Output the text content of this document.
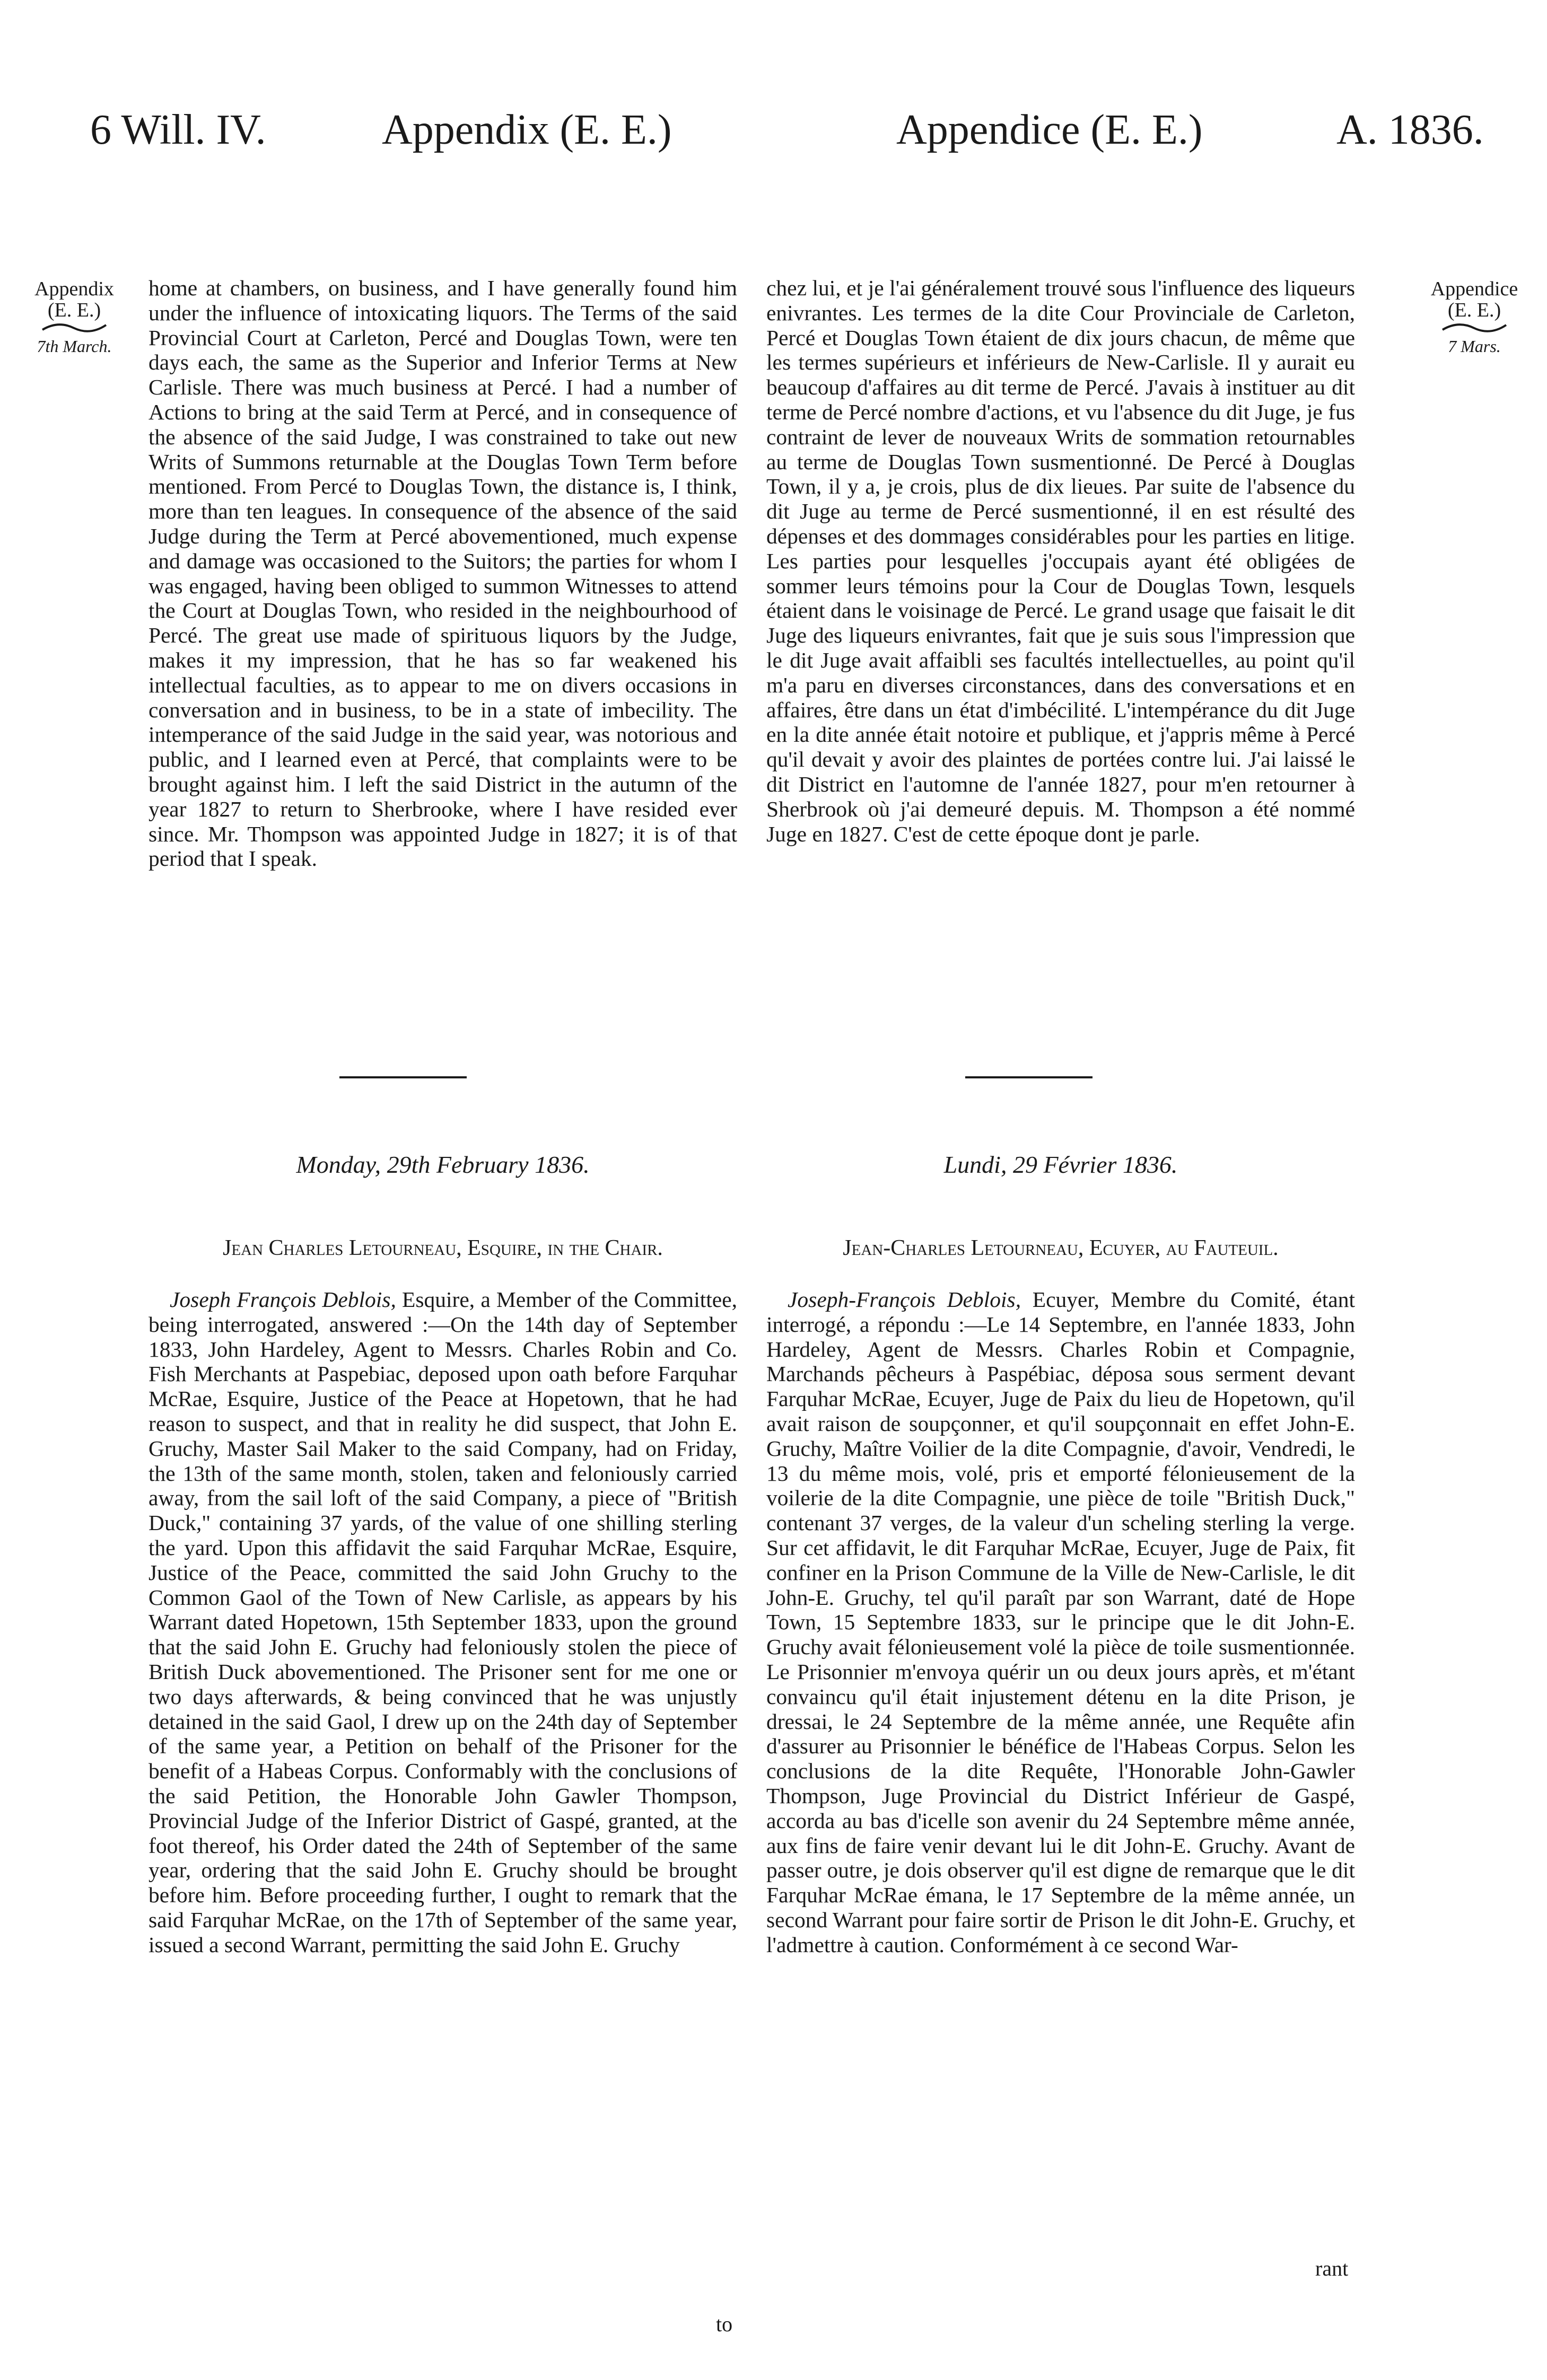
6 Will. IV.	Appendix (E. E.)	Appendice (E. E.)	A. 1836.
Appendix
(E. E.)
7th March.
Appendice
(E. E.)
7 Mars.

home at chambers, on business, and I have generally found him under the influence of intoxicating liquors. The Terms of the said Provincial Court at Carleton, Percé and Douglas Town, were ten days each, the same as the Superior and Inferior Terms at New Carlisle. There was much business at Percé. I had a number of Actions to bring at the said Term at Percé, and in consequence of the absence of the said Judge, I was constrained to take out new Writs of Summons returnable at the Douglas Town Term before mentioned. From Percé to Douglas Town, the distance is, I think, more than ten leagues. In consequence of the absence of the said Judge during the Term at Percé abovementioned, much expense and damage was occasioned to the Suitors; the parties for whom I was engaged, having been obliged to summon Witnesses to attend the Court at Douglas Town, who resided in the neighbourhood of Percé. The great use made of spirituous liquors by the Judge, makes it my impression, that he has so far weakened his intellectual faculties, as to appear to me on divers occasions in conversation and in business, to be in a state of imbecility. The intemperance of the said Judge in the said year, was notorious and public, and I learned even at Percé, that complaints were to be brought against him. I left the said District in the autumn of the year 1827 to return to Sherbrooke, where I have resided ever since. Mr. Thompson was appointed Judge in 1827; it is of that period that I speak.

chez lui, et je l'ai généralement trouvé sous l'influence des liqueurs enivrantes. Les termes de la dite Cour Provinciale de Carleton, Percé et Douglas Town étaient de dix jours chacun, de même que les termes supérieurs et inférieurs de New-Carlisle. Il y aurait eu beaucoup d'affaires au dit terme de Percé. J'avais à instituer au dit terme de Percé nombre d'actions, et vu l'absence du dit Juge, je fus contraint de lever de nouveaux Writs de sommation retournables au terme de Douglas Town susmentionné. De Percé à Douglas Town, il y a, je crois, plus de dix lieues. Par suite de l'absence du dit Juge au terme de Percé susmentionné, il en est résulté des dépenses et des dommages considérables pour les parties en litige. Les parties pour lesquelles j'occupais ayant été obligées de sommer leurs témoins pour la Cour de Douglas Town, lesquels étaient dans le voisinage de Percé. Le grand usage que faisait le dit Juge des liqueurs enivrantes, fait que je suis sous l'impression que le dit Juge avait affaibli ses facultés intellectuelles, au point qu'il m'a paru en diverses circonstances, dans des conversations et en affaires, être dans un état d'imbécilité. L'intempérance du dit Juge en la dite année était notoire et publique, et j'appris même à Percé qu'il devait y avoir des plaintes de portées contre lui. J'ai laissé le dit District en l'automne de l'année 1827, pour m'en retourner à Sherbrook où j'ai demeuré depuis. M. Thompson a été nommé Juge en 1827. C'est de cette époque dont je parle.

Monday, 29th February 1836.	Lundi, 29 Février 1836.
Jean Charles Letourneau, Esquire, in the Chair.	Jean-Charles Letourneau, Ecuyer, au Fauteuil.

Joseph François Deblois, Esquire, a Member of the Committee, being interrogated, answered :—On the 14th day of September 1833, John Hardeley, Agent to Messrs. Charles Robin and Co. Fish Merchants at Paspebiac, deposed upon oath before Farquhar McRae, Esquire, Justice of the Peace at Hopetown, that he had reason to suspect, and that in reality he did suspect, that John E. Gruchy, Master Sail Maker to the said Company, had on Friday, the 13th of the same month, stolen, taken and feloniously carried away, from the sail loft of the said Company, a piece of "British Duck," containing 37 yards, of the value of one shilling sterling the yard. Upon this affidavit the said Farquhar McRae, Esquire, Justice of the Peace, committed the said John Gruchy to the Common Gaol of the Town of New Carlisle, as appears by his Warrant dated Hopetown, 15th September 1833, upon the ground that the said John E. Gruchy had feloniously stolen the piece of British Duck abovementioned. The Prisoner sent for me one or two days afterwards, & being convinced that he was unjustly detained in the said Gaol, I drew up on the 24th day of September of the same year, a Petition on behalf of the Prisoner for the benefit of a Habeas Corpus. Conformably with the conclusions of the said Petition, the Honorable John Gawler Thompson, Provincial Judge of the Inferior District of Gaspé, granted, at the foot thereof, his Order dated the 24th of September of the same year, ordering that the said John E. Gruchy should be brought before him. Before proceeding further, I ought to remark that the said Farquhar McRae, on the 17th of September of the same year, issued a second Warrant, permitting the said John E. Gruchy

to

Joseph-François Deblois, Ecuyer, Membre du Comité, étant interrogé, a répondu :—Le 14 Septembre, en l'année 1833, John Hardeley, Agent de Messrs. Charles Robin et Compagnie, Marchands pêcheurs à Paspébiac, déposa sous serment devant Farquhar McRae, Ecuyer, Juge de Paix du lieu de Hopetown, qu'il avait raison de soupçonner, et qu'il soupçonnait en effet John-E. Gruchy, Maître Voilier de la dite Compagnie, d'avoir, Vendredi, le 13 du même mois, volé, pris et emporté félonieusement de la voilerie de la dite Compagnie, une pièce de toile "British Duck," contenant 37 verges, de la valeur d'un scheling sterling la verge. Sur cet affidavit, le dit Farquhar McRae, Ecuyer, Juge de Paix, fit confiner en la Prison Commune de la Ville de New-Carlisle, le dit John-E. Gruchy, tel qu'il paraît par son Warrant, daté de Hope Town, 15 Septembre 1833, sur le principe que le dit John-E. Gruchy avait félonieusement volé la pièce de toile susmentionnée. Le Prisonnier m'envoya quérir un ou deux jours après, et m'étant convaincu qu'il était injustement détenu en la dite Prison, je dressai, le 24 Septembre de la même année, une Requête afin d'assurer au Prisonnier le bénéfice de l'Habeas Corpus. Selon les conclusions de la dite Requête, l'Honorable John-Gawler Thompson, Juge Provincial du District Inférieur de Gaspé, accorda au bas d'icelle son avenir du 24 Septembre même année, aux fins de faire venir devant lui le dit John-E. Gruchy. Avant de passer outre, je dois observer qu'il est digne de remarque que le dit Farquhar McRae émana, le 17 Septembre de la même année, un second Warrant pour faire sortir de Prison le dit John-E. Gruchy, et l'admettre à caution. Conformément à ce second War-

rant
